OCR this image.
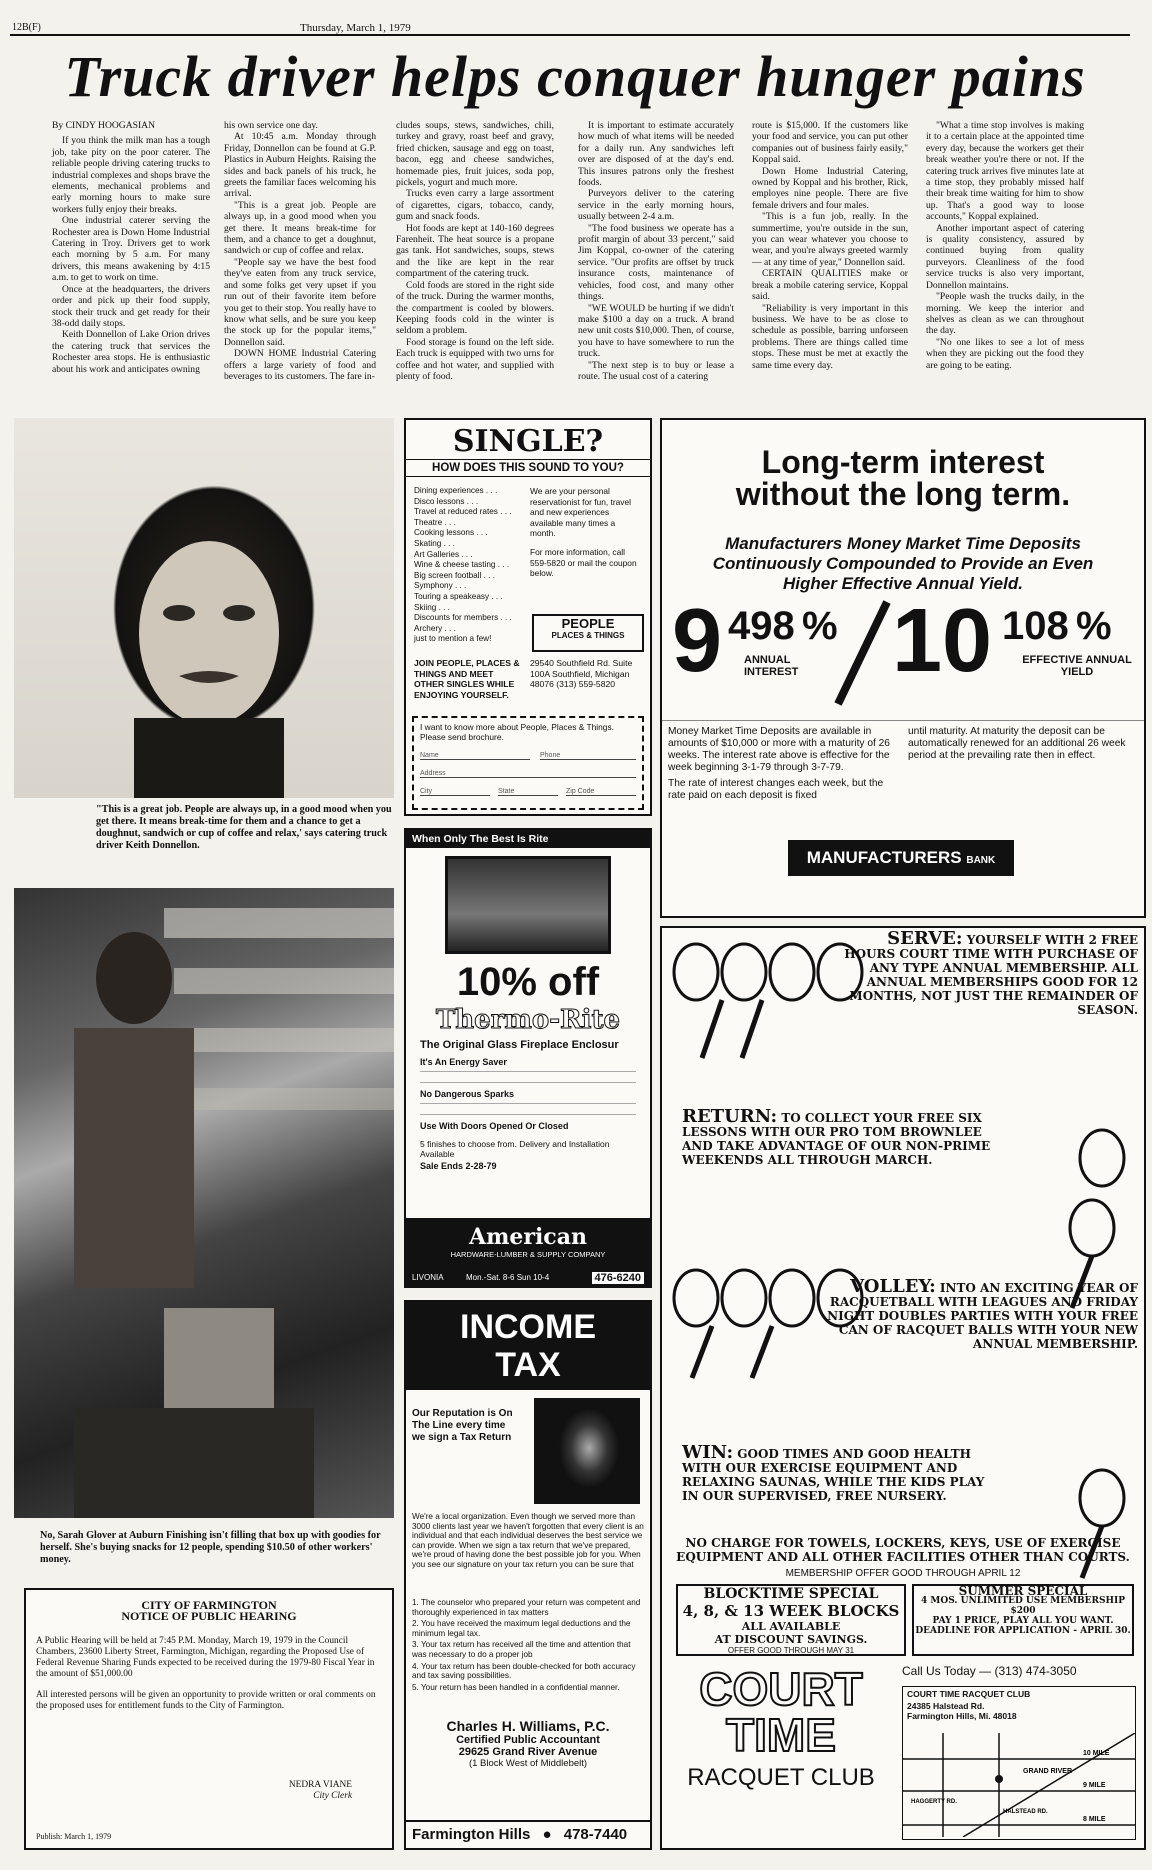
12B(F)	Thursday, March 1, 1979
Truck driver helps conquer hunger pains

By CINDY HOOGASIAN

If you think the milk man has a tough job, take pity on the poor caterer. The reliable people driving catering trucks to industrial complexes and shops brave the elements, mechanical problems and early morning hours to make sure workers fully enjoy their breaks.

One industrial caterer serving the Rochester area is Down Home Industrial Catering in Troy. Drivers get to work each morning by 5 a.m. For many drivers, this means awakening by 4:15 a.m. to get to work on time.

Once at the headquarters, the drivers order and pick up their food supply, stock their truck and get ready for their 38-odd daily stops.

Keith Donnellon of Lake Orion drives the catering truck that services the Rochester area stops. He is enthusiastic about his work and anticipates owning

his own service one day.

At 10:45 a.m. Monday through Friday, Donnellon can be found at G.P. Plastics in Auburn Heights. Raising the sides and back panels of his truck, he greets the familiar faces welcoming his arrival.

"This is a great job. People are always up, in a good mood when you get there. It means break-time for them, and a chance to get a doughnut, sandwich or cup of coffee and relax.

"People say we have the best food they've eaten from any truck service, and some folks get very upset if you run out of their favorite item before you get to their stop. You really have to know what sells, and be sure you keep the stock up for the popular items," Donnellon said.

DOWN HOME Industrial Catering offers a large variety of food and beverages to its customers. The fare in-

cludes soups, stews, sandwiches, chili, turkey and gravy, roast beef and gravy, fried chicken, sausage and egg on toast, bacon, egg and cheese sandwiches, homemade pies, fruit juices, soda pop, pickels, yogurt and much more.

Trucks even carry a large assortment of cigarettes, cigars, tobacco, candy, gum and snack foods.

Hot foods are kept at 140-160 degrees Farenheit. The heat source is a propane gas tank. Hot sandwiches, soups, stews and the like are kept in the rear compartment of the catering truck.

Cold foods are stored in the right side of the truck. During the warmer months, the compartment is cooled by blowers. Keeping foods cold in the winter is seldom a problem.

Food storage is found on the left side. Each truck is equipped with two urns for coffee and hot water, and supplied with plenty of food.

It is important to estimate accurately how much of what items will be needed for a daily run. Any sandwiches left over are disposed of at the day's end. This insures patrons only the freshest foods.

Purveyors deliver to the catering service in the early morning hours, usually between 2-4 a.m.

"The food business we operate has a profit margin of about 33 percent," said Jim Koppal, co-owner of the catering service. "Our profits are offset by truck insurance costs, maintenance of vehicles, food cost, and many other things.

"WE WOULD be hurting if we didn't make $100 a day on a truck. A brand new unit costs $10,000. Then, of course, you have to have somewhere to run the truck.

"The next step is to buy or lease a route. The usual cost of a catering

route is $15,000. If the customers like your food and service, you can put other companies out of business fairly easily," Koppal said.

Down Home Industrial Catering, owned by Koppal and his brother, Rick, employes nine people. There are five female drivers and four males.

"This is a fun job, really. In the summertime, you're outside in the sun, you can wear whatever you choose to wear, and you're always greeted warmly — at any time of year," Donnellon said.

CERTAIN QUALITIES make or break a mobile catering service, Koppal said.

"Reliability is very important in this business. We have to be as close to schedule as possible, barring unforseen problems. There are things called time stops. These must be met at exactly the same time every day.

"What a time stop involves is making it to a certain place at the appointed time every day, because the workers get their break weather you're there or not. If the catering truck arrives five minutes late at a time stop, they probably missed half their break time waiting for him to show up. That's a good way to loose accounts," Koppal explained.

Another important aspect of catering is quality consistency, assured by continued buying from quality purveyors. Cleanliness of the food service trucks is also very important, Donnellon maintains.

"People wash the trucks daily, in the morning. We keep the interior and shelves as clean as we can throughout the day.

"No one likes to see a lot of mess when they are picking out the food they are going to be eating.

"This is a great job. People are always up, in a good mood when you get there. It means break-time for them and a chance to get a doughnut, sandwich or cup of coffee and relax,' says catering truck driver Keith Donnellon.
No, Sarah Glover at Auburn Finishing isn't filling that box up with goodies for herself. She's buying snacks for 12 people, spending $10.50 of other workers' money.
CITY OF FARMINGTON
NOTICE OF PUBLIC HEARING
A Public Hearing will be held at 7:45 P.M. Monday, March 19, 1979 in the Council Chambers, 23600 Liberty Street, Farmington, Michigan, regarding the Proposed Use of Federal Revenue Sharing Funds expected to be received during the 1979-80 Fiscal Year in the amount of $51,000.00
All interested persons will be given an opportunity to provide written or oral comments on the proposed uses for entitlement funds to the City of Farmington.
NEDRA VIANE
City Clerk
Publish: March 1, 1979
SINGLE?
HOW DOES THIS SOUND TO YOU?
Dining experiences . . .
Disco lessons . . .
Travel at reduced rates . . .
Theatre . . .
Cooking lessons . . .
Skating . . .
Art Galleries . . .
Wine & cheese tasting . . .
Big screen football . . .
Symphony . . .
Touring a speakeasy . . .
Skiing . . .
Discounts for members . . .
Archery . . .
just to mention a few!
We are your personal reservationist for fun, travel and new experiences available many times a month.
For more information, call 559-5820 or mail the coupon below.
PEOPLE
PLACES & THINGS
JOIN PEOPLE, PLACES & THINGS AND MEET OTHER SINGLES WHILE ENJOYING YOURSELF.
29540 Southfield Rd. Suite 100A Southfield, Michigan 48076 (313) 559-5820
I want to know more about People, Places & Things. Please send brochure.
Name	Phone
Address
City	State	Zip Code
When Only The Best Is Rite
10% off
Thermo-Rite
The Original Glass Fireplace Enclosur
It's An Energy Saver
No Dangerous Sparks
Use With Doors Opened Or Closed
5 finishes to choose from. Delivery and Installation Available
Sale Ends 2-28-79
American
HARDWARE-LUMBER & SUPPLY COMPANY
LIVONIA	Mon.-Sat. 8-6 Sun 10-4	476-6240
INCOME
TAX
Our Reputation is On The Line every time we sign a Tax Return
We're a local organization. Even though we served more than 3000 clients last year we haven't forgotten that every client is an individual and that each individual deserves the best service we can provide. When we sign a tax return that we've prepared, we're proud of having done the best possible job for you. When you see our signature on your tax return you can be sure that
1. The counselor who prepared your return was competent and thoroughly experienced in tax matters
2. You have received the maximum legal deductions and the minimum legal tax.
3. Your tax return has received all the time and attention that was necessary to do a proper job
4. Your tax return has been double-checked for both accuracy and tax saving possibilities.
5. Your return has been handled in a confidential manner.
Charles H. Williams, P.C.
Certified Public Accountant
29625 Grand River Avenue
(1 Block West of Middlebelt)
Farmington Hills ● 478-7440
Long-term interest
without the long term.
Manufacturers Money Market Time Deposits
Continuously Compounded to Provide an Even
Higher Effective Annual Yield.
9 498 %
ANNUAL INTEREST 10 108 %
EFFECTIVE ANNUAL YIELD
Money Market Time Deposits are available in amounts of $10,000 or more with a maturity of 26 weeks. The interest rate above is effective for the week beginning 3-1-79 through 3-7-79.
The rate of interest changes each week, but the rate paid on each deposit is fixed
until maturity. At maturity the deposit can be automatically renewed for an additional 26 week period at the prevailing rate then in effect.
MANUFACTURERS BANK
SERVE: YOURSELF WITH 2 FREE HOURS COURT TIME WITH PURCHASE OF ANY TYPE ANNUAL MEMBERSHIP. ALL ANNUAL MEMBERSHIPS GOOD FOR 12 MONTHS, NOT JUST THE REMAINDER OF SEASON.
RETURN: TO COLLECT YOUR FREE SIX LESSONS WITH OUR PRO TOM BROWNLEE AND TAKE ADVANTAGE OF OUR NON-PRIME WEEKENDS ALL THROUGH MARCH.
VOLLEY: INTO AN EXCITING YEAR OF RACQUETBALL WITH LEAGUES AND FRIDAY NIGHT DOUBLES PARTIES WITH YOUR FREE CAN OF RACQUET BALLS WITH YOUR NEW ANNUAL MEMBERSHIP.
WIN: GOOD TIMES AND GOOD HEALTH WITH OUR EXERCISE EQUIPMENT AND RELAXING SAUNAS, WHILE THE KIDS PLAY IN OUR SUPERVISED, FREE NURSERY.
NO CHARGE FOR TOWELS, LOCKERS, KEYS, USE OF EXERCISE EQUIPMENT AND ALL OTHER FACILITIES OTHER THAN COURTS.
MEMBERSHIP OFFER GOOD THROUGH APRIL 12
BLOCKTIME SPECIAL
4, 8, & 13 WEEK BLOCKS
ALL AVAILABLE
AT DISCOUNT SAVINGS.
OFFER GOOD THROUGH MAY 31
SUMMER SPECIAL
4 MOS. UNLIMITED USE MEMBERSHIP
$200
PAY 1 PRICE, PLAY ALL YOU WANT. DEADLINE FOR APPLICATION - APRIL 30.
COURT
TIME
RACQUET CLUB
Call Us Today — (313) 474-3050
COURT TIME RACQUET CLUB
24385 Halstead Rd.
Farmington Hills, Mi. 48018
10 MILE
9 MILE
8 MILE
GRAND RIVER
HAGGERTY RD.
HALSTEAD RD.
